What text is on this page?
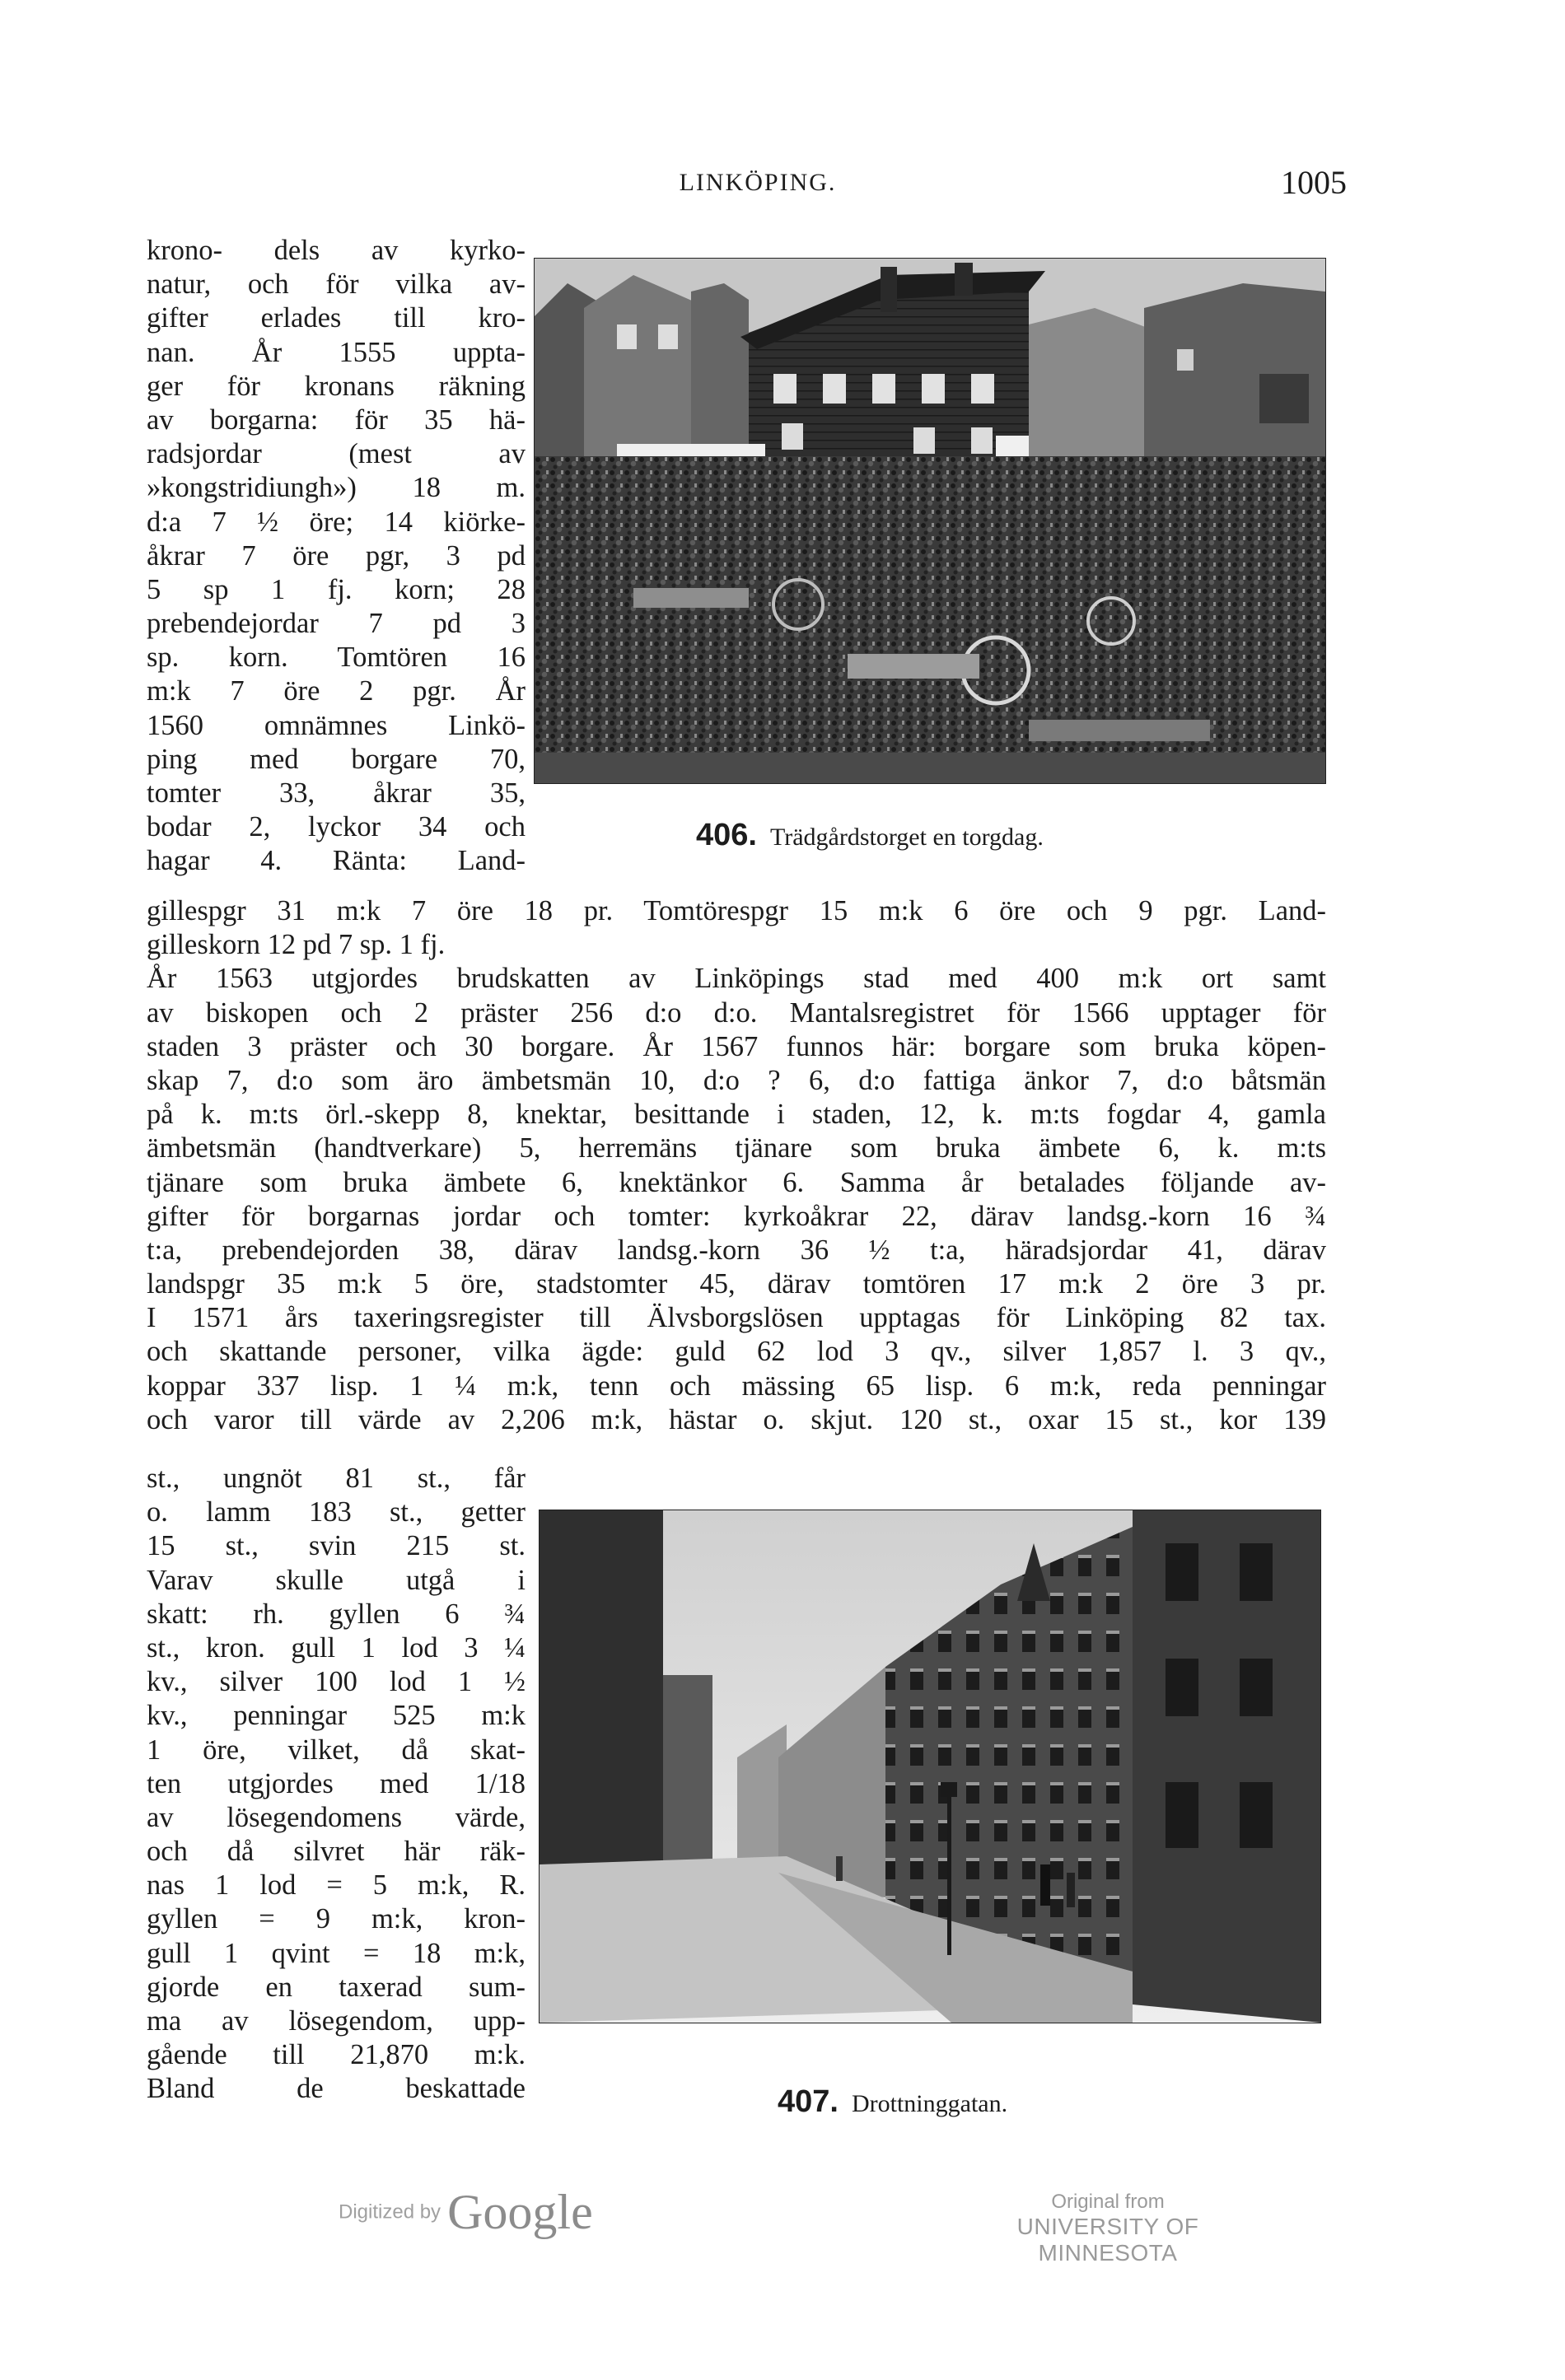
LINKÖPING.	1005
krono- dels av kyrko-
natur, och för vilka av-
gifter erlades till kro-
nan. År 1555 uppta-
ger för kronans räkning
av borgarna: för 35 hä-
radsjordar (mest av
»kongstridiungh») 18 m.
d:a 7 ½ öre; 14 kiörke-
åkrar 7 öre pgr, 3 pd
5 sp 1 fj. korn; 28
prebendejordar 7 pd 3
sp. korn. Tomtören 16
m:k 7 öre 2 pgr. År
1560 omnämnes Linkö-
ping med borgare 70,
tomter 33, åkrar 35,
bodar 2, lyckor 34 och
hagar 4. Ränta: Land-
406. Trädgårdstorget en torgdag.
gillespgr 31 m:k 7 öre 18 pr. Tomtörespgr 15 m:k 6 öre och 9 pgr. Land-
gilleskorn 12 pd 7 sp. 1 fj.
År 1563 utgjordes brudskatten av Linköpings stad med 400 m:k ort samt
av biskopen och 2 präster 256 d:o d:o. Mantalsregistret för 1566 upptager för
staden 3 präster och 30 borgare. År 1567 funnos här: borgare som bruka köpen-
skap 7, d:o som äro ämbetsmän 10, d:o ? 6, d:o fattiga änkor 7, d:o båtsmän
på k. m:ts örl.-skepp 8, knektar, besittande i staden, 12, k. m:ts fogdar 4, gamla
ämbetsmän (handtverkare) 5, herremäns tjänare som bruka ämbete 6, k. m:ts
tjänare som bruka ämbete 6, knektänkor 6. Samma år betalades följande av-
gifter för borgarnas jordar och tomter: kyrkoåkrar 22, därav landsg.-korn 16 ¾
t:a, prebendejorden 38, därav landsg.-korn 36 ½ t:a, häradsjordar 41, därav
landspgr 35 m:k 5 öre, stadstomter 45, därav tomtören 17 m:k 2 öre 3 pr.
I 1571 års taxeringsregister till Älvsborgslösen upptagas för Linköping 82 tax.
och skattande personer, vilka ägde: guld 62 lod 3 qv., silver 1,857 l. 3 qv.,
koppar 337 lisp. 1 ¼ m:k, tenn och mässing 65 lisp. 6 m:k, reda penningar
och varor till värde av 2,206 m:k, hästar o. skjut. 120 st., oxar 15 st., kor 139
st., ungnöt 81 st., får
o. lamm 183 st., getter
15 st., svin 215 st.
Varav skulle utgå i
skatt: rh. gyllen 6 ¾
st., kron. gull 1 lod 3 ¼
kv., silver 100 lod 1 ½
kv., penningar 525 m:k
1 öre, vilket, då skat-
ten utgjordes med 1/18
av lösegendomens värde,
och då silvret här räk-
nas 1 lod = 5 m:k, R.
gyllen = 9 m:k, kron-
gull 1 qvint = 18 m:k,
gjorde en taxerad sum-
ma av lösegendom, upp-
gående till 21,870 m:k.
Bland de beskattade	407. Drottninggatan.
Digitized by Google	Original from
UNIVERSITY OF MINNESOTA
